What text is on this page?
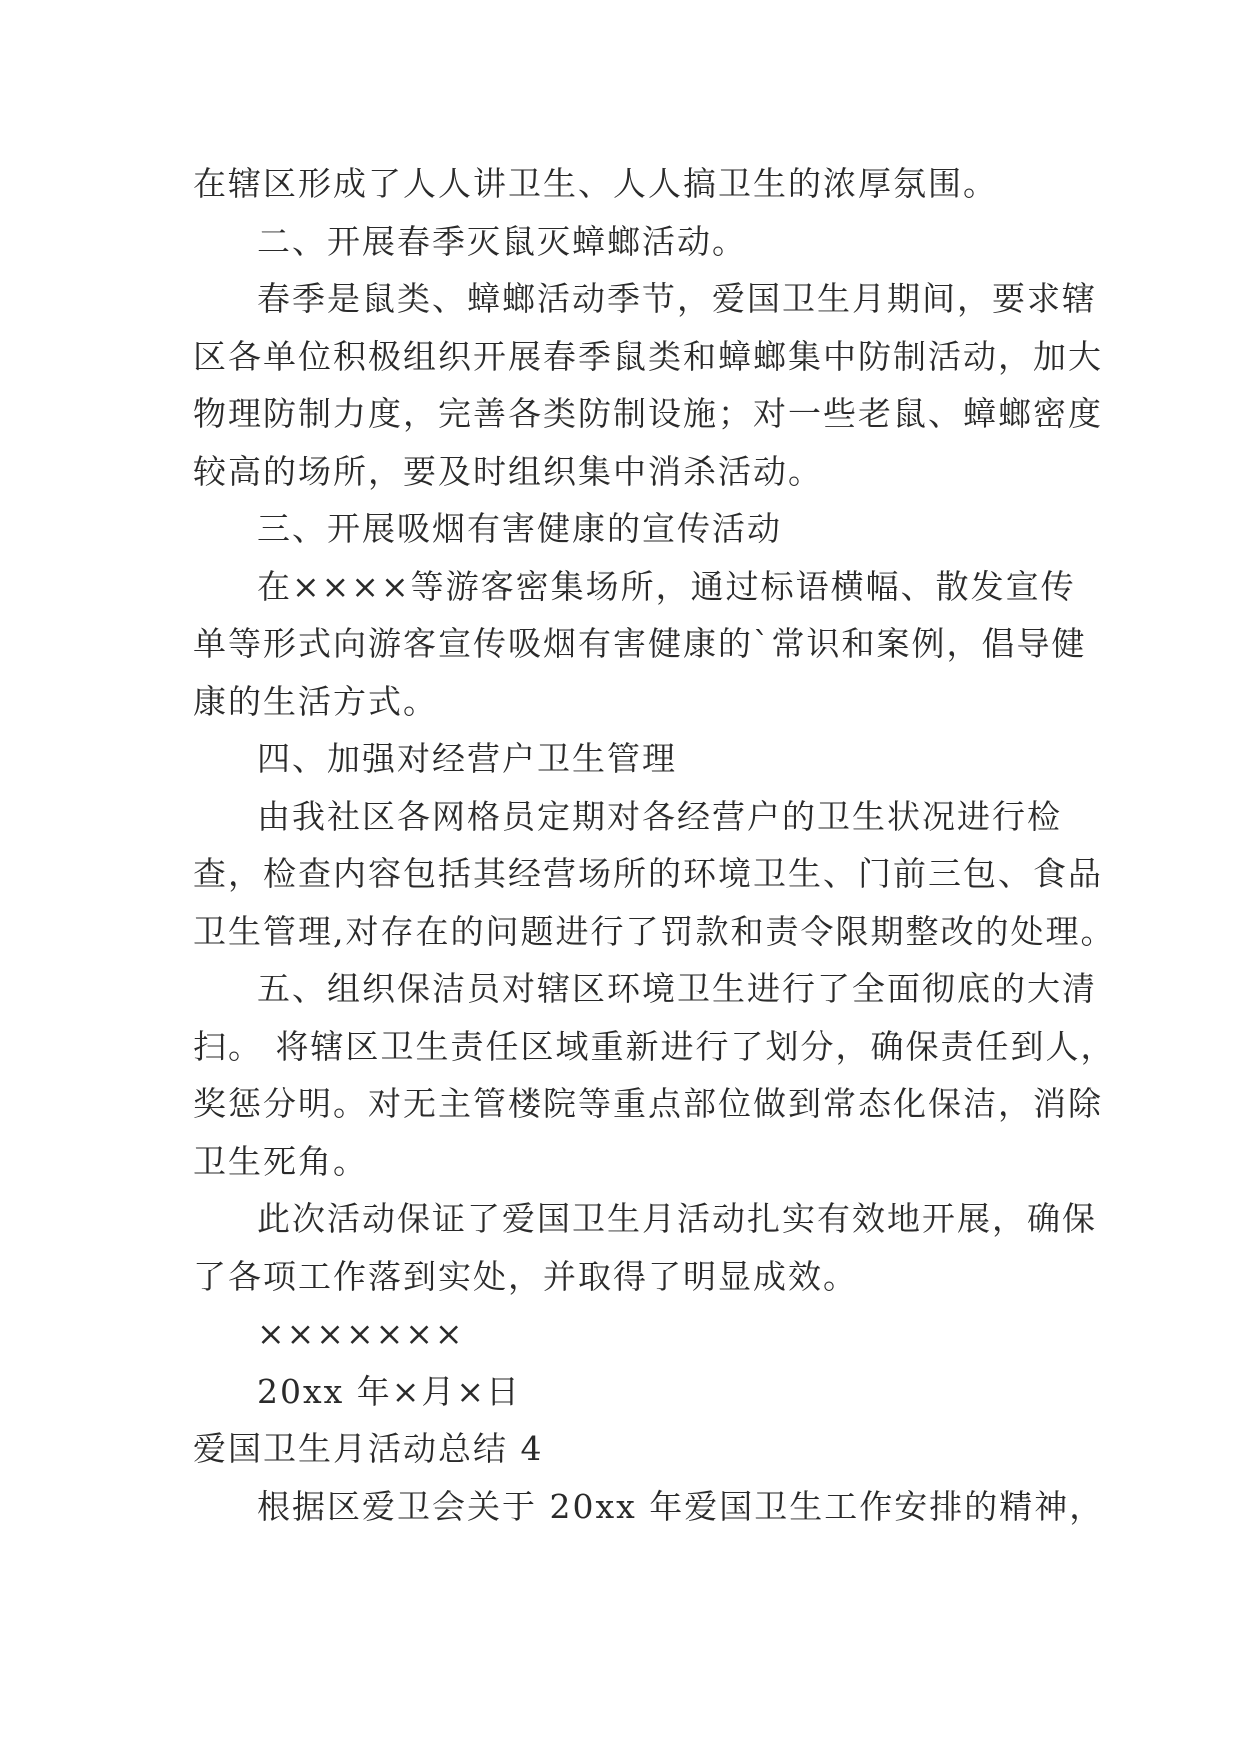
在辖区形成了人人讲卫生、人人搞卫生的浓厚氛围。
二、开展春季灭鼠灭蟑螂活动。
春季是鼠类、蟑螂活动季节，爱国卫生月期间，要求辖
区各单位积极组织开展春季鼠类和蟑螂集中防制活动，加大
物理防制力度，完善各类防制设施；对一些老鼠、蟑螂密度
较高的场所，要及时组织集中消杀活动。
三、开展吸烟有害健康的宣传活动
在××××等游客密集场所，通过标语横幅、散发宣传
单等形式向游客宣传吸烟有害健康的`常识和案例，倡导健
康的生活方式。
四、加强对经营户卫生管理
由我社区各网格员定期对各经营户的卫生状况进行检
查，检查内容包括其经营场所的环境卫生、门前三包、食品
卫生管理,对存在的问题进行了罚款和责令限期整改的处理。
五、组织保洁员对辖区环境卫生进行了全面彻底的大清
扫。 将辖区卫生责任区域重新进行了划分，确保责任到人，
奖惩分明。对无主管楼院等重点部位做到常态化保洁，消除
卫生死角。
此次活动保证了爱国卫生月活动扎实有效地开展，确保
了各项工作落到实处，并取得了明显成效。
×××××××
20xx 年×月×日
爱国卫生月活动总结 4
根据区爱卫会关于 20xx 年爱国卫生工作安排的精神，
